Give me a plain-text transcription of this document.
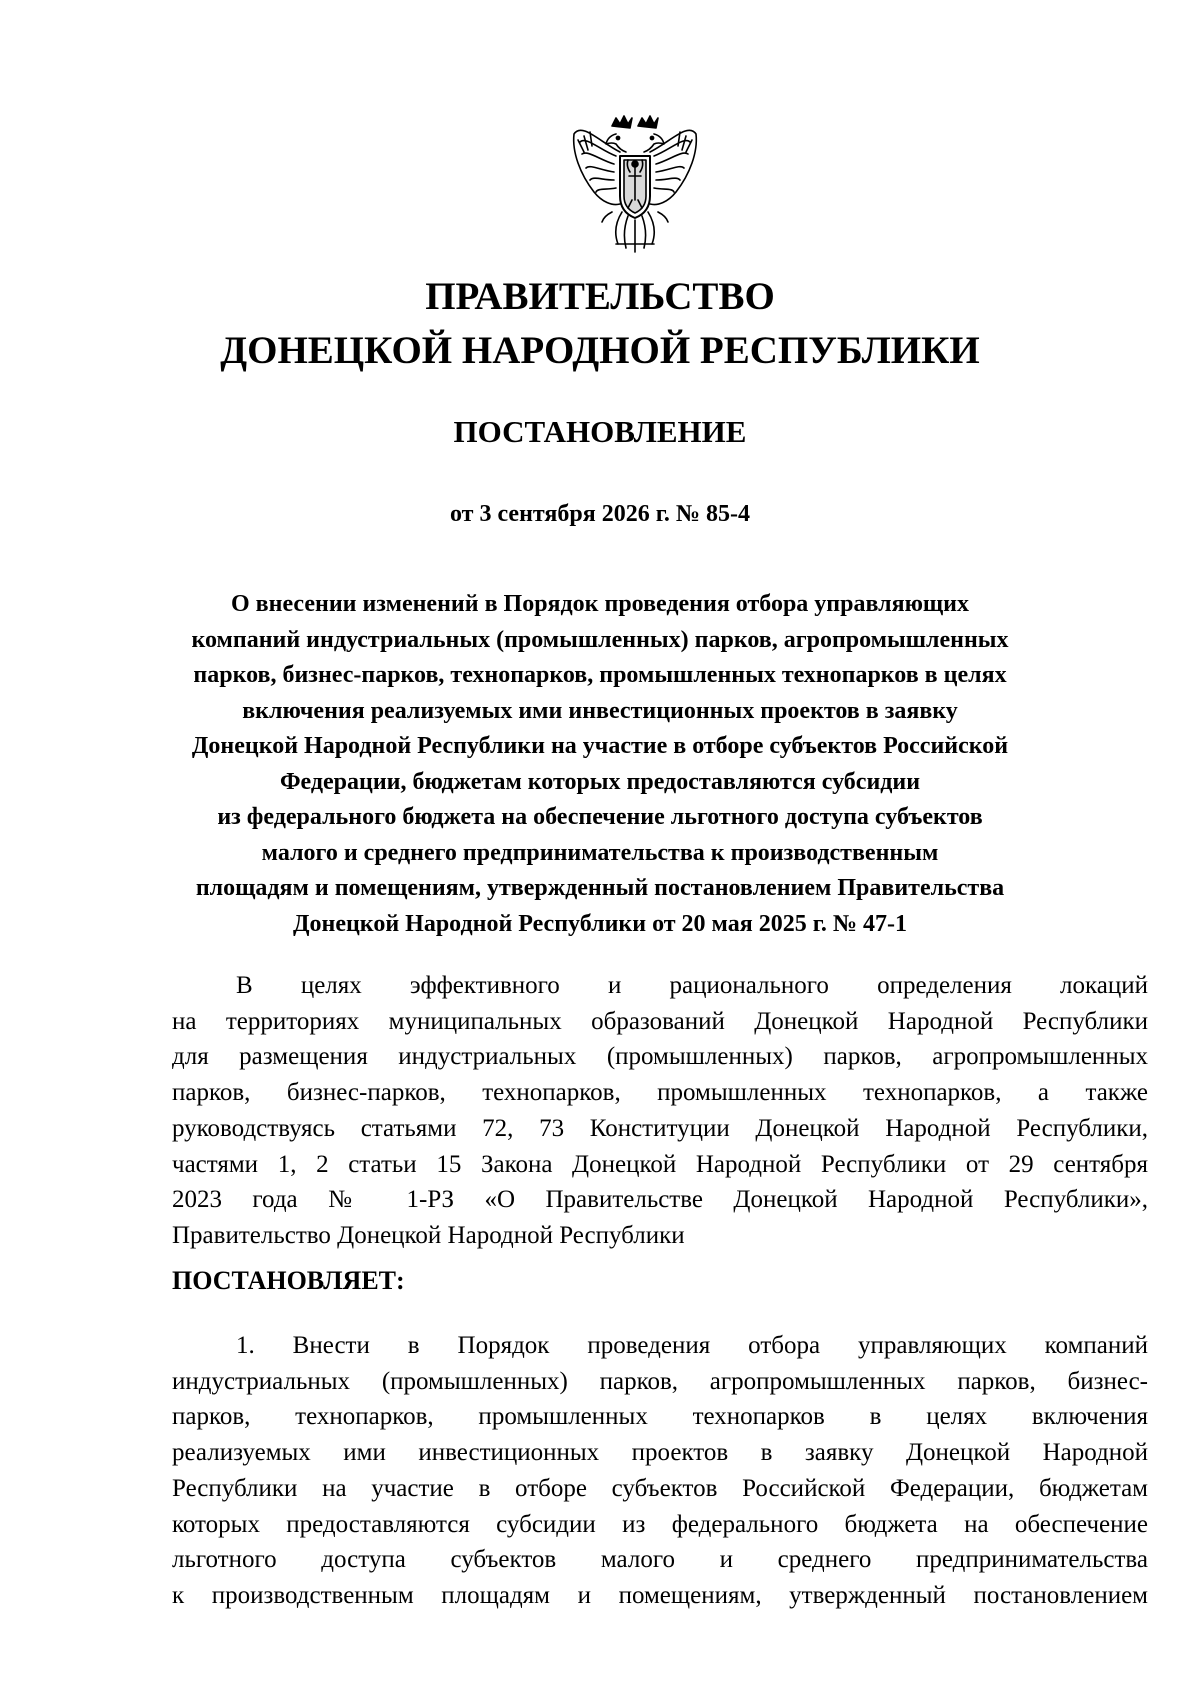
ПРАВИТЕЛЬСТВО
ДОНЕЦКОЙ НАРОДНОЙ РЕСПУБЛИКИ
ПОСТАНОВЛЕНИЕ
от 3 сентября 2026 г. № 85-4
О внесении изменений в Порядок проведения отбора управляющих
компаний индустриальных (промышленных) парков, агропромышленных
парков, бизнес-парков, технопарков, промышленных технопарков в целях
включения реализуемых ими инвестиционных проектов в заявку
Донецкой Народной Республики на участие в отборе субъектов Российской
Федерации, бюджетам которых предоставляются субсидии
из федерального бюджета на обеспечение льготного доступа субъектов
малого и среднего предпринимательства к производственным
площадям и помещениям, утвержденный постановлением Правительства
Донецкой Народной Республики от 20 мая 2025 г. № 47-1
В целях эффективного и рационального определения локаций
на территориях муниципальных образований Донецкой Народной Республики
для размещения индустриальных (промышленных) парков, агропромышленных
парков, бизнес-парков, технопарков, промышленных технопарков, а также
руководствуясь статьями 72, 73 Конституции Донецкой Народной Республики,
частями 1, 2 статьи 15 Закона Донецкой Народной Республики от 29 сентября
2023 года № 1-РЗ «О Правительстве Донецкой Народной Республики»,
Правительство Донецкой Народной Республики
ПОСТАНОВЛЯЕТ:
1. Внести в Порядок проведения отбора управляющих компаний
индустриальных (промышленных) парков, агропромышленных парков, бизнес-
парков, технопарков, промышленных технопарков в целях включения
реализуемых ими инвестиционных проектов в заявку Донецкой Народной
Республики на участие в отборе субъектов Российской Федерации, бюджетам
которых предоставляются субсидии из федерального бюджета на обеспечение
льготного доступа субъектов малого и среднего предпринимательства
к производственным площадям и помещениям, утвержденный постановлением
